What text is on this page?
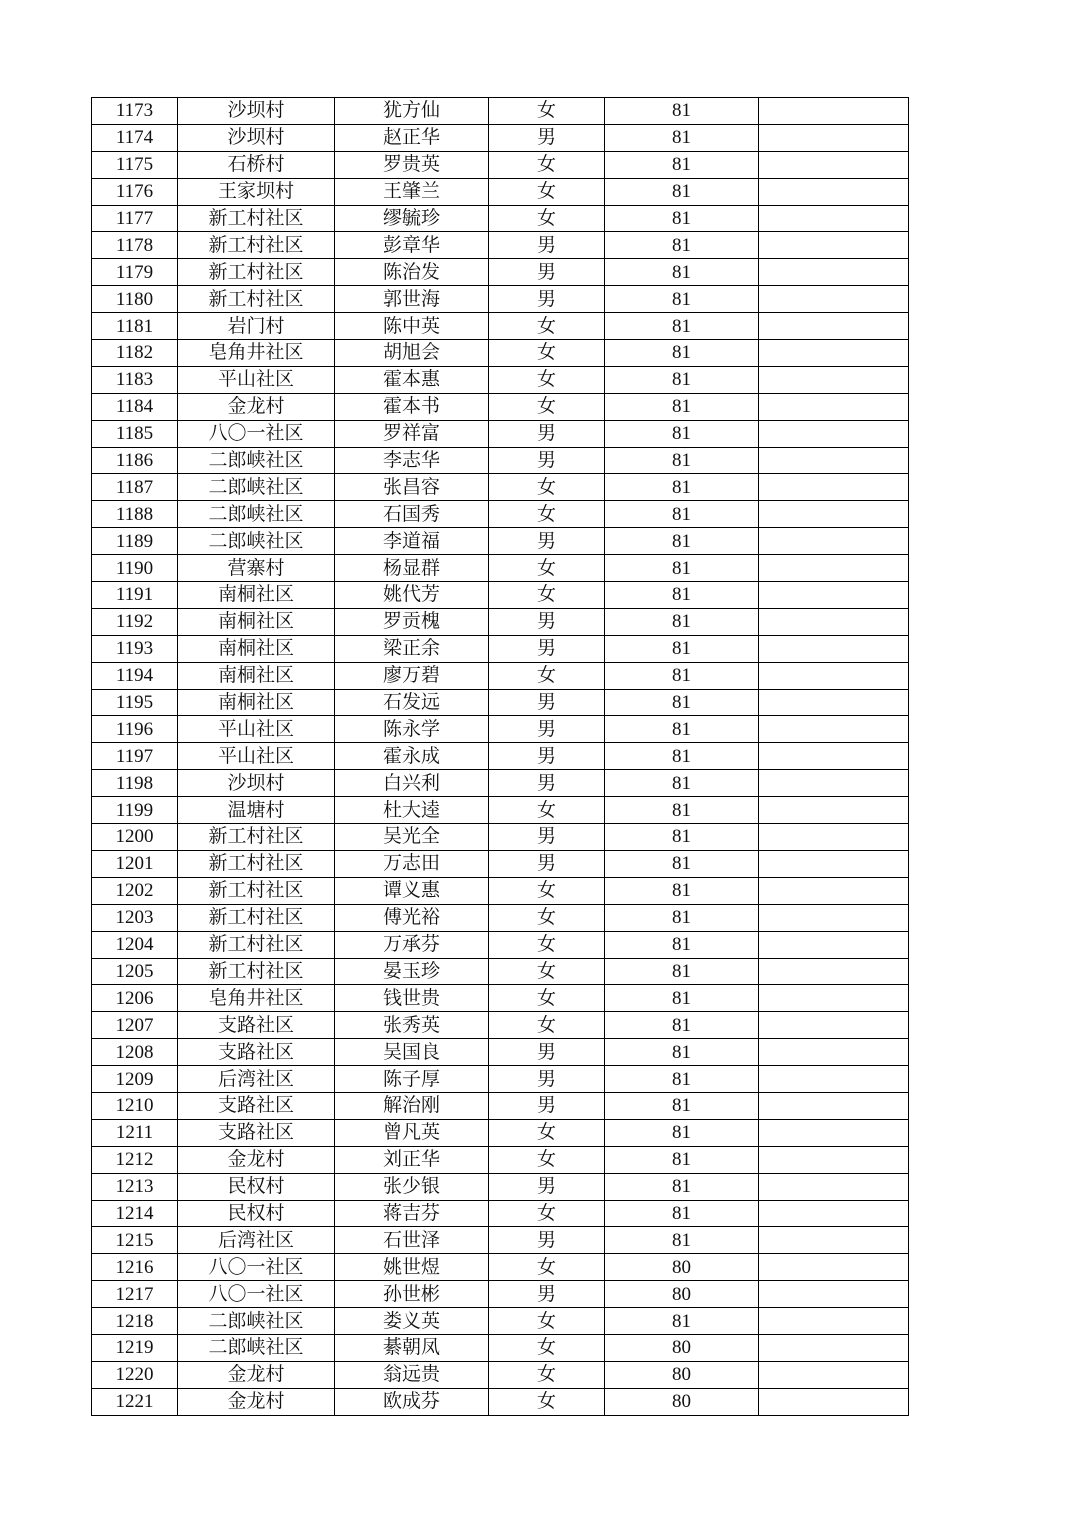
1173	沙坝村	犹方仙	女	81	
1174	沙坝村	赵正华	男	81	
1175	石桥村	罗贵英	女	81	
1176	王家坝村	王肇兰	女	81	
1177	新工村社区	缪毓珍	女	81	
1178	新工村社区	彭章华	男	81	
1179	新工村社区	陈治发	男	81	
1180	新工村社区	郭世海	男	81	
1181	岩门村	陈中英	女	81	
1182	皂角井社区	胡旭会	女	81	
1183	平山社区	霍本惠	女	81	
1184	金龙村	霍本书	女	81	
1185	八〇一社区	罗祥富	男	81	
1186	二郎峡社区	李志华	男	81	
1187	二郎峡社区	张昌容	女	81	
1188	二郎峡社区	石国秀	女	81	
1189	二郎峡社区	李道福	男	81	
1190	营寨村	杨显群	女	81	
1191	南桐社区	姚代芳	女	81	
1192	南桐社区	罗贡槐	男	81	
1193	南桐社区	梁正余	男	81	
1194	南桐社区	廖万碧	女	81	
1195	南桐社区	石发远	男	81	
1196	平山社区	陈永学	男	81	
1197	平山社区	霍永成	男	81	
1198	沙坝村	白兴利	男	81	
1199	温塘村	杜大逵	女	81	
1200	新工村社区	吴光全	男	81	
1201	新工村社区	万志田	男	81	
1202	新工村社区	谭义惠	女	81	
1203	新工村社区	傅光裕	女	81	
1204	新工村社区	万承芬	女	81	
1205	新工村社区	晏玉珍	女	81	
1206	皂角井社区	钱世贵	女	81	
1207	支路社区	张秀英	女	81	
1208	支路社区	吴国良	男	81	
1209	后湾社区	陈子厚	男	81	
1210	支路社区	解治刚	男	81	
1211	支路社区	曾凡英	女	81	
1212	金龙村	刘正华	女	81	
1213	民权村	张少银	男	81	
1214	民权村	蒋吉芬	女	81	
1215	后湾社区	石世泽	男	81	
1216	八〇一社区	姚世煜	女	80	
1217	八〇一社区	孙世彬	男	80	
1218	二郎峡社区	娄义英	女	81	
1219	二郎峡社区	綦朝凤	女	80	
1220	金龙村	翁远贵	女	80	
1221	金龙村	欧成芬	女	80	
